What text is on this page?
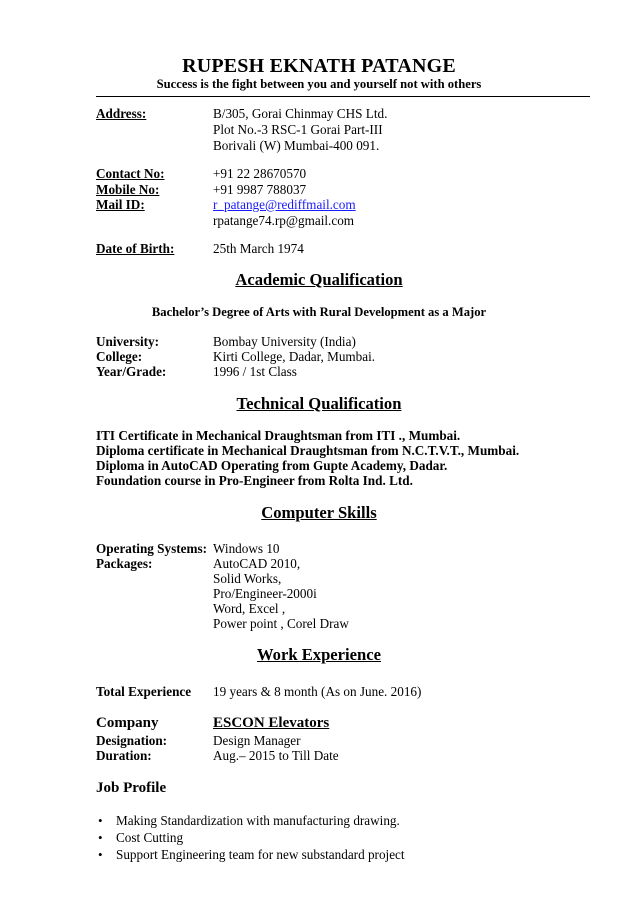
RUPESH EKNATH PATANGE
Success is the fight between you and yourself not with others
Address:	B/305, Gorai Chinmay CHS Ltd.
Plot No.-3 RSC-1 Gorai Part-III
Borivali (W) Mumbai-400 091.
Contact No:	+91 22 28670570
Mobile No:	+91 9987 788037
Mail ID:	r_patange@rediffmail.com
rpatange74.rp@gmail.com
Date of Birth:	25th March 1974
Academic Qualification
Bachelor’s Degree of Arts with Rural Development as a Major
University:	Bombay University (India)
College:	Kirti College, Dadar, Mumbai.
Year/Grade:	1996 / 1st Class
Technical Qualification
ITI Certificate in Mechanical Draughtsman from ITI ., Mumbai.
Diploma certificate in Mechanical Draughtsman from N.C.T.V.T., Mumbai.
Diploma in AutoCAD Operating from Gupte Academy, Dadar.
Foundation course in Pro-Engineer from Rolta Ind. Ltd.
Computer Skills
Operating Systems: Windows 10
Packages:	AutoCAD 2010,
Solid Works,
Pro/Engineer-2000i
Word, Excel ,
Power point , Corel Draw
Work Experience
Total Experience 19 years & 8 month (As on June. 2016)
Company	ESCON Elevators
Designation:	Design Manager
Duration:	Aug.– 2015 to Till Date
Job Profile
• Making Standardization with manufacturing drawing.
• Cost Cutting
• Support Engineering team for new substandard project
